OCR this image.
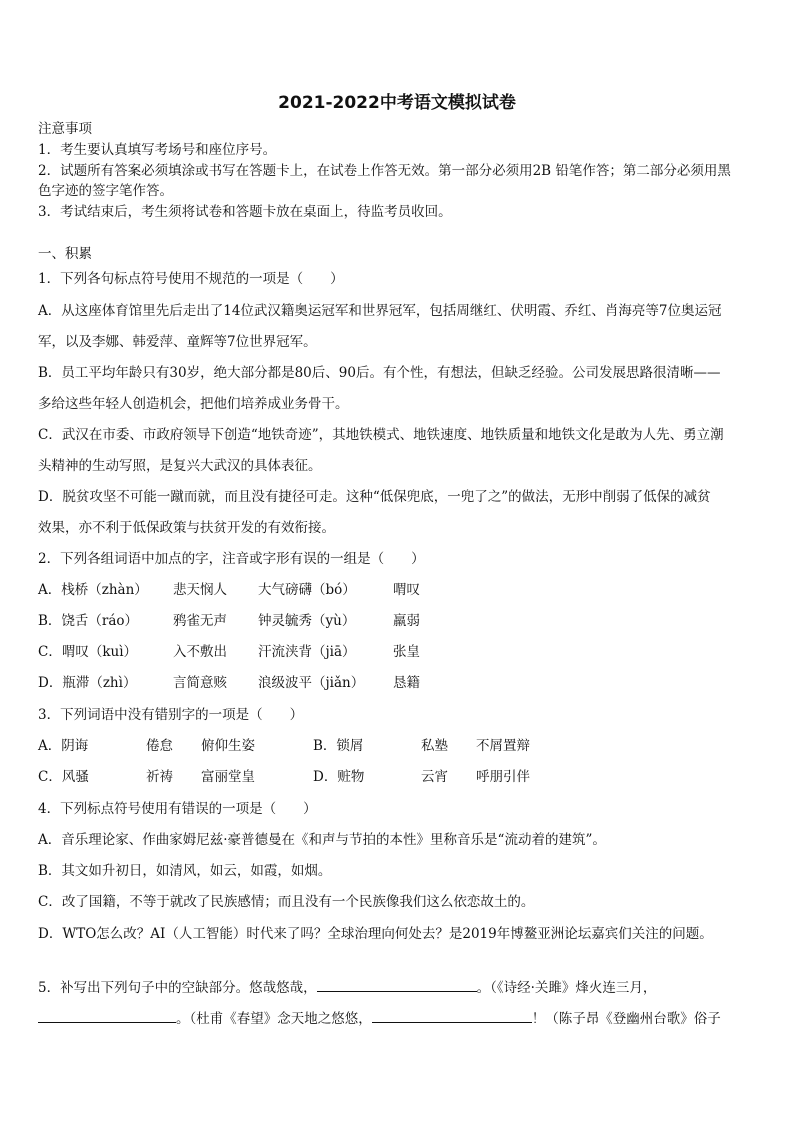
2021-2022中考语文模拟试卷
注意事项
1．考生要认真填写考场号和座位序号。
2．试题所有答案必须填涂或书写在答题卡上，在试卷上作答无效。第一部分必须用2B 铅笔作答；第二部分必须用黑
色字迹的签字笔作答。
3．考试结束后，考生须将试卷和答题卡放在桌面上，待监考员收回。
一、积累
1．下列各句标点符号使用不规范的一项是（　　）
A．从这座体育馆里先后走出了14位武汉籍奥运冠军和世界冠军，包括周继红、伏明霞、乔红、肖海亮等7位奥运冠
军，以及李娜、韩爱萍、童辉等7位世界冠军。
B．员工平均年龄只有30岁，绝大部分都是80后、90后。有个性，有想法，但缺乏经验。公司发展思路很清晰——
多给这些年轻人创造机会，把他们培养成业务骨干。
C．武汉在市委、市政府领导下创造“地铁奇迹”，其地铁模式、地铁速度、地铁质量和地铁文化是敢为人先、勇立潮
头精神的生动写照，是复兴大武汉的具体表征。
D．脱贫攻坚不可能一蹴而就，而且没有捷径可走。这种“低保兜底，一兜了之”的做法，无形中削弱了低保的减贫
效果，亦不利于低保政策与扶贫开发的有效衔接。
2．下列各组词语中加点的字，注音或字形有误的一组是（　　）
A．栈桥（zhàn） 悲天悯人 大气磅礴（bó）	喟叹
B．饶舌（ráo）	鸦雀无声 钟灵毓秀（yù）	羸弱
C．喟叹（kuì）	入不敷出 汗流浃背（jiā）	张皇
D．瓶滞（zhì）	言简意赅 浪级波平（jiǎn） 恳籍
3．下列词语中没有错别字的一项是（　　）
A．阴诲	倦怠 俯仰生姿	B．锁屑	私塾 不屑置辩
C．风骚	祈祷 富丽堂皇	D．赃物	云宵 呼朋引伴
4．下列标点符号使用有错误的一项是（　　）
A．音乐理论家、作曲家姆尼兹·豪普德曼在《和声与节拍的本性》里称音乐是“流动着的建筑”。
B．其文如升初日，如清风，如云，如霞，如烟。
C．改了国籍，不等于就改了民族感情；而且没有一个民族像我们这么依恋故土的。
D．WTO怎么改？AI（人工智能）时代来了吗？全球治理向何处去？是2019年博鳌亚洲论坛嘉宾们关注的问题。
5．补写出下列句子中的空缺部分。悠哉悠哉，	。（《诗经·关雎》烽火连三月，
。（杜甫《春望》念天地之悠悠，	！（陈子昂《登幽州台歌》俗子
